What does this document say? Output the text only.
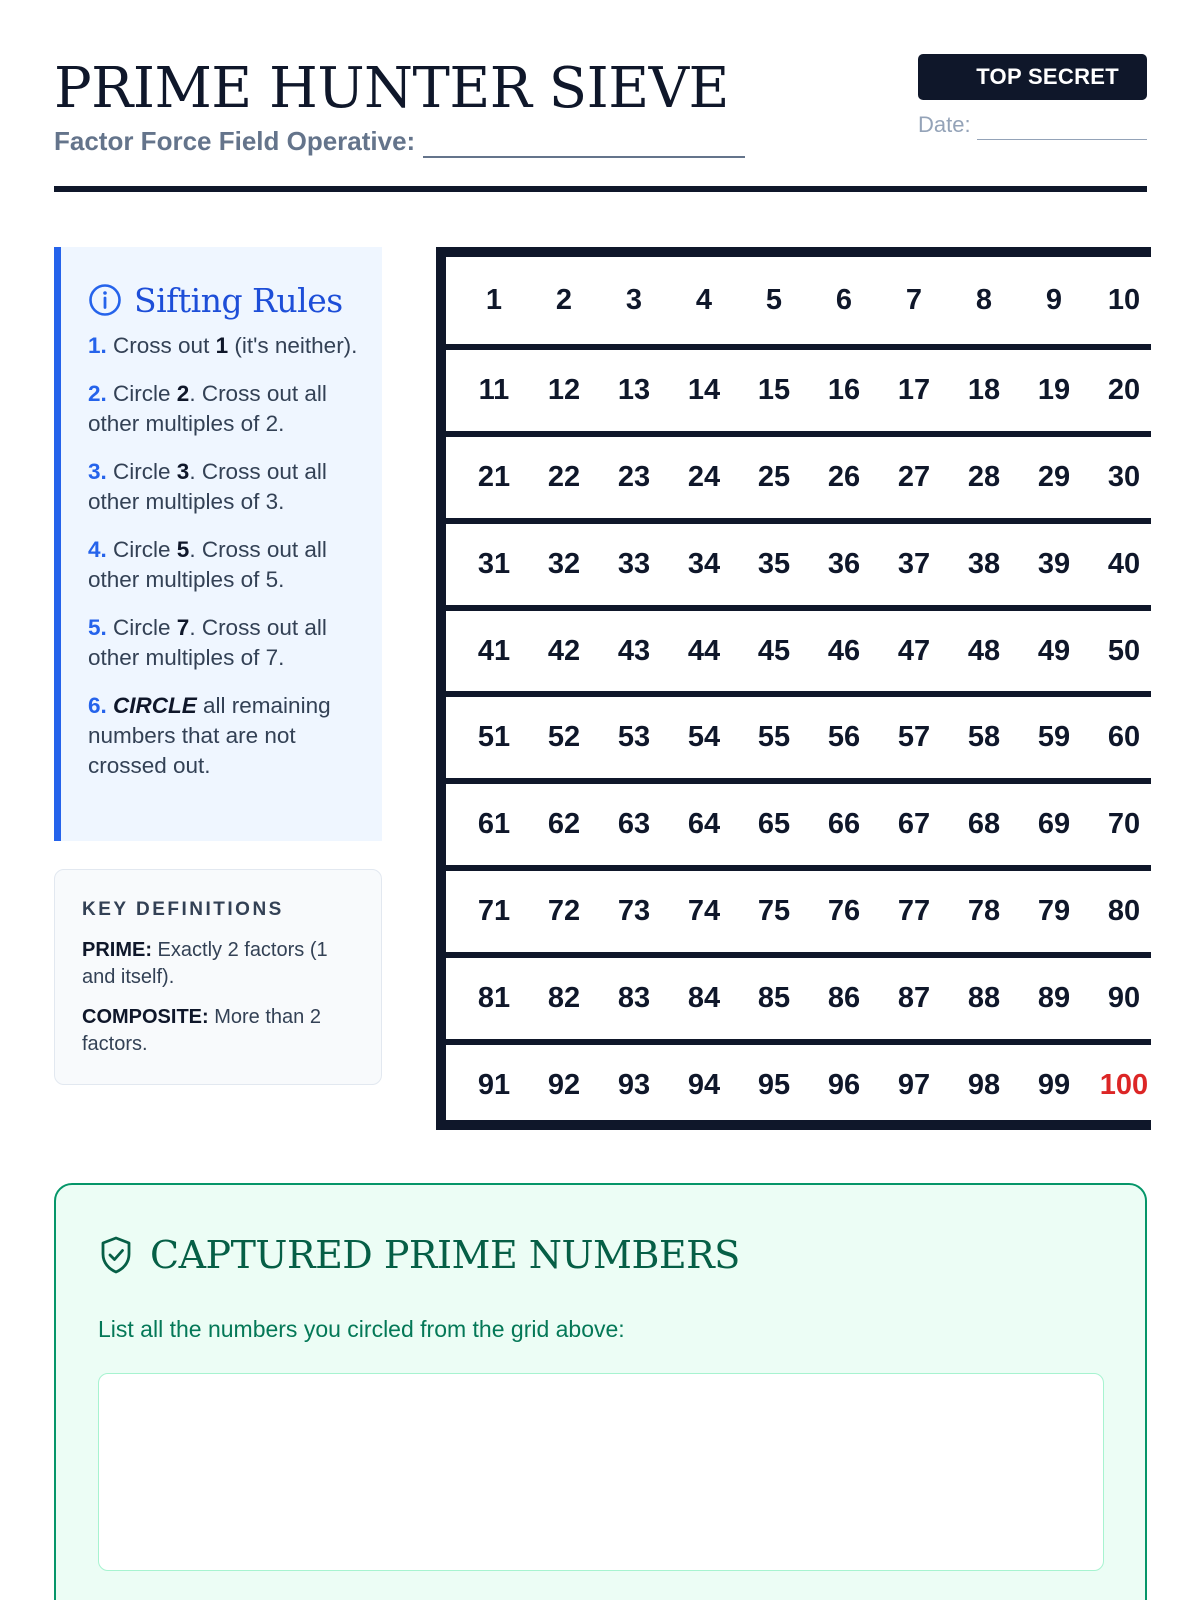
PRIME HUNTER SIEVE
Factor Force Field Operative:
TOP SECRET
Date:
Sifting Rules
1. Cross out 1 (it's neither).
2. Circle 2. Cross out all other multiples of 2.
3. Circle 3. Cross out all other multiples of 3.
4. Circle 5. Cross out all other multiples of 5.
5. Circle 7. Cross out all other multiples of 7.
6. CIRCLE all remaining numbers that are not crossed out.
KEY DEFINITIONS
PRIME: Exactly 2 factors (1 and itself).
COMPOSITE: More than 2 factors.
1	2	3	4	5	6	7	8	9	10
11	12	13	14	15	16	17	18	19	20
21	22	23	24	25	26	27	28	29	30
31	32	33	34	35	36	37	38	39	40
41	42	43	44	45	46	47	48	49	50
51	52	53	54	55	56	57	58	59	60
61	62	63	64	65	66	67	68	69	70
71	72	73	74	75	76	77	78	79	80
81	82	83	84	85	86	87	88	89	90
91	92	93	94	95	96	97	98	99	100
CAPTURED PRIME NUMBERS
List all the numbers you circled from the grid above:
